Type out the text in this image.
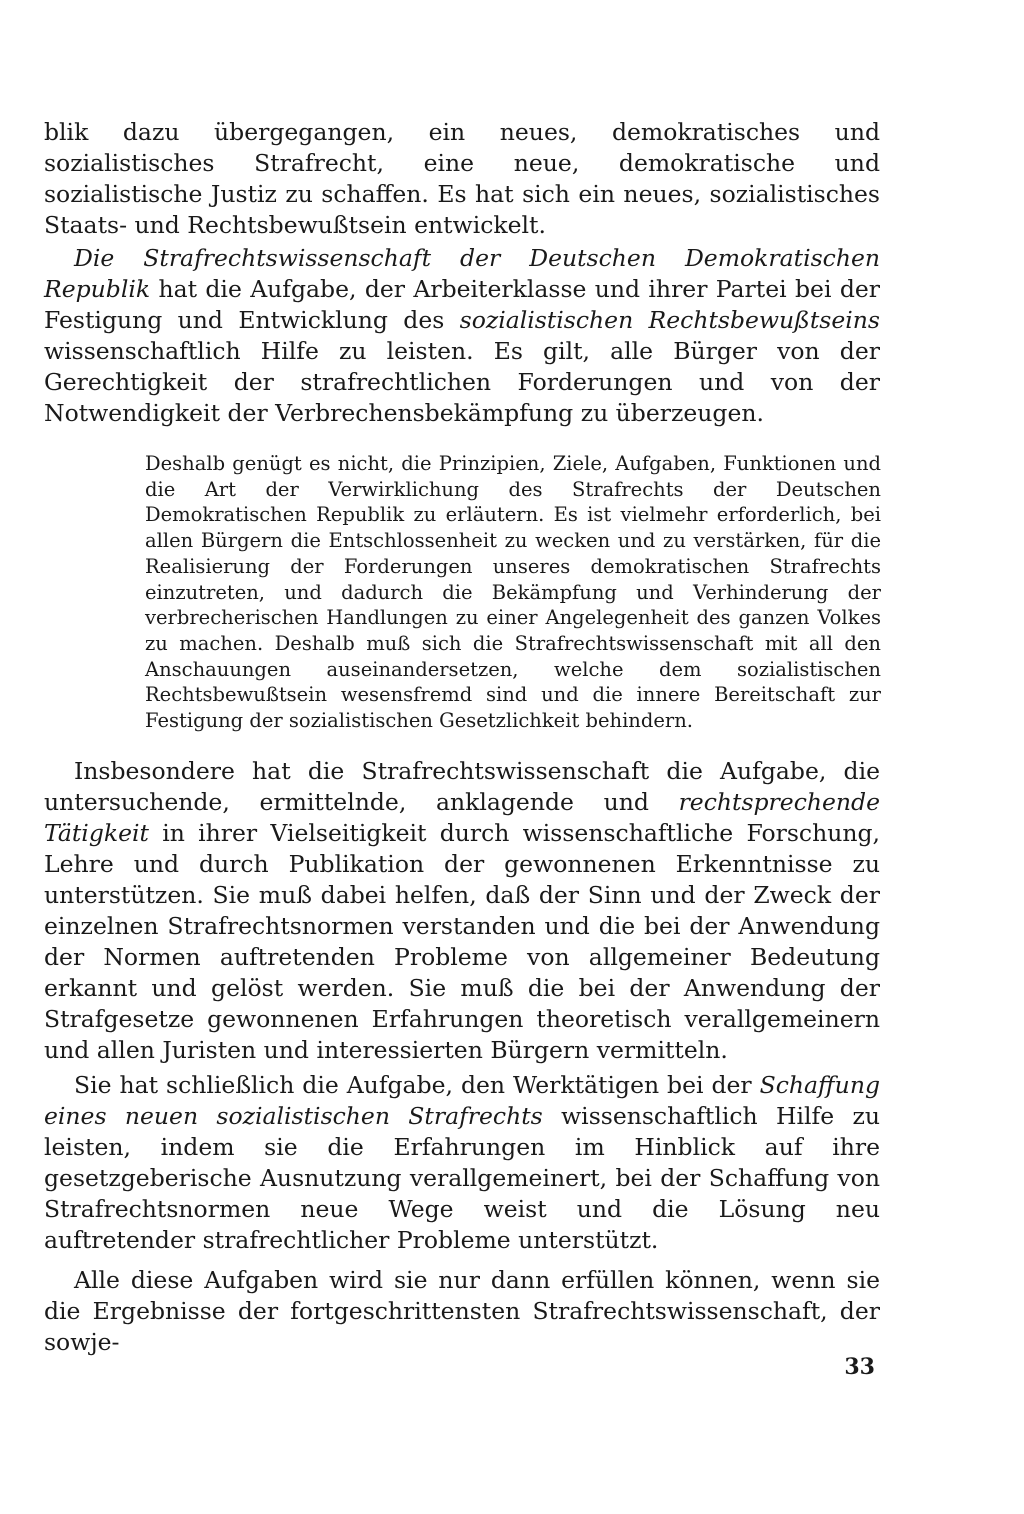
blik dazu übergegangen, ein neues, demokratisches und sozialistisches Strafrecht, eine neue, demokratische und sozialistische Justiz zu schaffen. Es hat sich ein neues, sozialistisches Staats- und Rechtsbewußtsein entwickelt.

Die Strafrechtswissenschaft der Deutschen Demokratischen Republik hat die Aufgabe, der Arbeiterklasse und ihrer Partei bei der Festigung und Entwicklung des sozialistischen Rechtsbewußtseins wissenschaftlich Hilfe zu leisten. Es gilt, alle Bürger von der Gerechtigkeit der strafrechtlichen Forderungen und von der Notwendigkeit der Verbrechensbekämpfung zu überzeugen.

Deshalb genügt es nicht, die Prinzipien, Ziele, Aufgaben, Funktionen und die Art der Verwirklichung des Strafrechts der Deutschen Demokratischen Republik zu erläutern. Es ist vielmehr erforderlich, bei allen Bürgern die Entschlossenheit zu wecken und zu verstärken, für die Realisierung der Forderungen unseres demokratischen Strafrechts einzutreten, und dadurch die Bekämpfung und Verhinderung der verbrecherischen Handlungen zu einer Angelegenheit des ganzen Volkes zu machen. Deshalb muß sich die Strafrechtswissenschaft mit all den Anschauungen auseinandersetzen, welche dem sozialistischen Rechtsbewußtsein wesensfremd sind und die innere Bereitschaft zur Festigung der sozialistischen Gesetzlichkeit behindern.

Insbesondere hat die Strafrechtswissenschaft die Aufgabe, die untersuchende, ermittelnde, anklagende und rechtsprechende Tätigkeit in ihrer Vielseitigkeit durch wissenschaftliche Forschung, Lehre und durch Publikation der gewonnenen Erkenntnisse zu unterstützen. Sie muß dabei helfen, daß der Sinn und der Zweck der einzelnen Strafrechtsnormen verstanden und die bei der Anwendung der Normen auftretenden Probleme von allgemeiner Bedeutung erkannt und gelöst werden. Sie muß die bei der Anwendung der Strafgesetze gewonnenen Erfahrungen theoretisch verallgemeinern und allen Juristen und interessierten Bürgern vermitteln.

Sie hat schließlich die Aufgabe, den Werktätigen bei der Schaffung eines neuen sozialistischen Strafrechts wissenschaftlich Hilfe zu leisten, indem sie die Erfahrungen im Hinblick auf ihre gesetzgeberische Ausnutzung verallgemeinert, bei der Schaffung von Strafrechtsnormen neue Wege weist und die Lösung neu auftretender strafrechtlicher Probleme unterstützt.

Alle diese Aufgaben wird sie nur dann erfüllen können, wenn sie die Ergebnisse der fortgeschrittensten Strafrechtswissenschaft, der sowje-

33
